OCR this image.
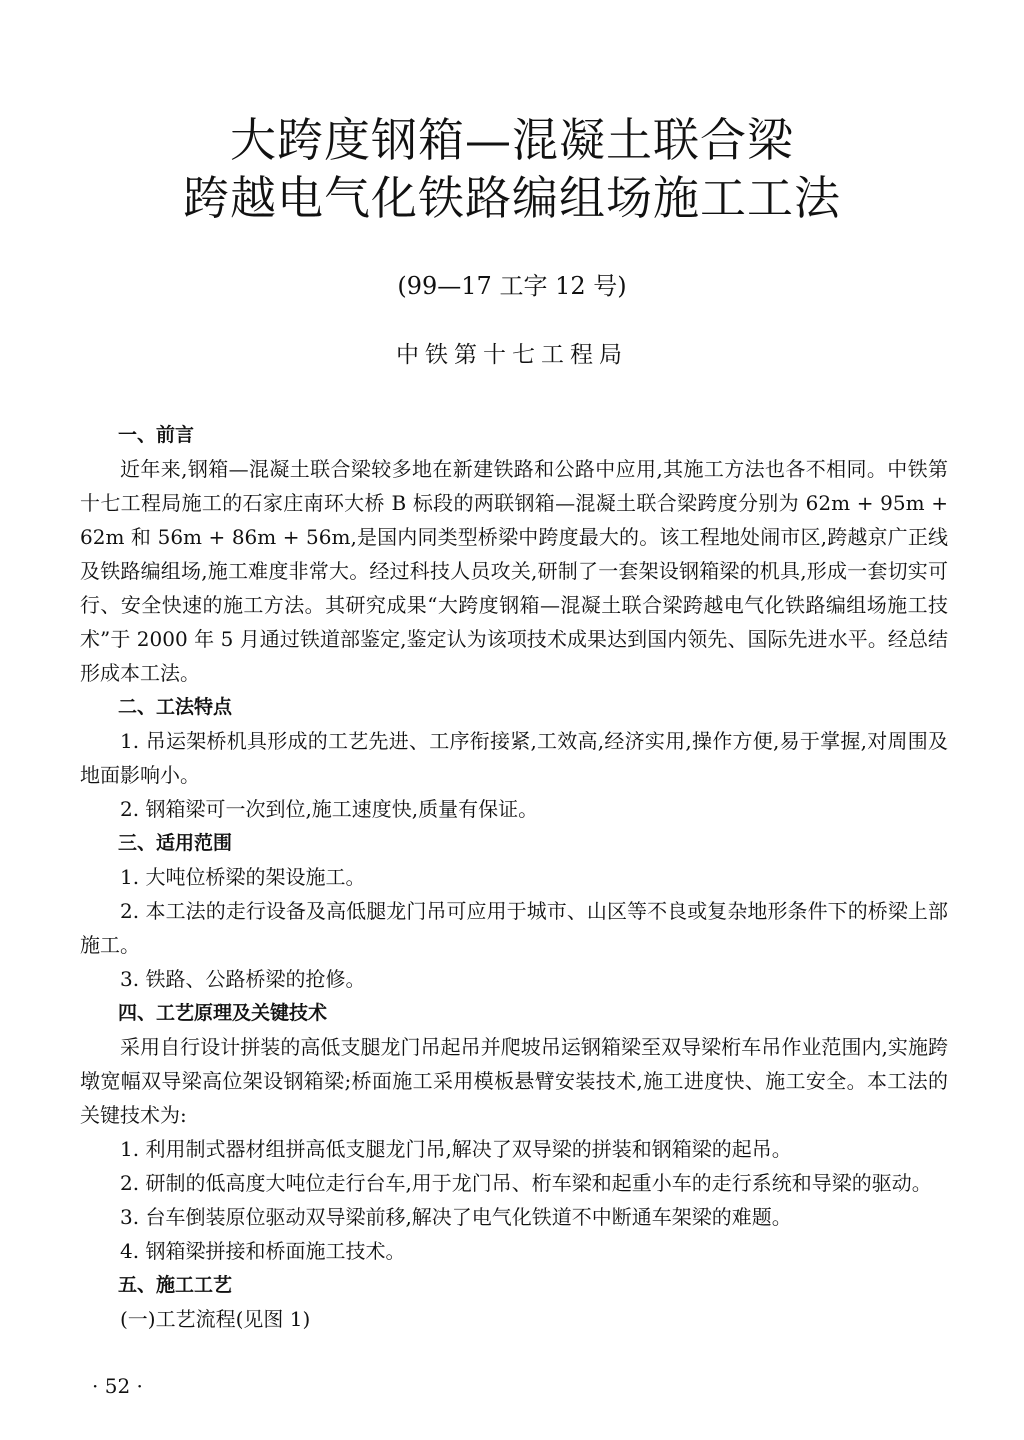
大跨度钢箱—混凝土联合梁
跨越电气化铁路编组场施工工法
(99—17 工字 12 号)
中铁第十七工程局

一、前言

近年来,钢箱—混凝土联合梁较多地在新建铁路和公路中应用,其施工方法也各不相同。中铁第十七工程局施工的石家庄南环大桥 B 标段的两联钢箱—混凝土联合梁跨度分别为 62m + 95m + 62m 和 56m + 86m + 56m,是国内同类型桥梁中跨度最大的。该工程地处闹市区,跨越京广正线及铁路编组场,施工难度非常大。经过科技人员攻关,研制了一套架设钢箱梁的机具,形成一套切实可行、安全快速的施工方法。其研究成果“大跨度钢箱—混凝土联合梁跨越电气化铁路编组场施工技术”于 2000 年 5 月通过铁道部鉴定,鉴定认为该项技术成果达到国内领先、国际先进水平。经总结形成本工法。

二、工法特点

1. 吊运架桥机具形成的工艺先进、工序衔接紧,工效高,经济实用,操作方便,易于掌握,对周围及地面影响小。

2. 钢箱梁可一次到位,施工速度快,质量有保证。

三、适用范围

1. 大吨位桥梁的架设施工。

2. 本工法的走行设备及高低腿龙门吊可应用于城市、山区等不良或复杂地形条件下的桥梁上部施工。

3. 铁路、公路桥梁的抢修。

四、工艺原理及关键技术

采用自行设计拼装的高低支腿龙门吊起吊并爬坡吊运钢箱梁至双导梁桁车吊作业范围内,实施跨墩宽幅双导梁高位架设钢箱梁;桥面施工采用模板悬臂安装技术,施工进度快、施工安全。本工法的关键技术为:

1. 利用制式器材组拼高低支腿龙门吊,解决了双导梁的拼装和钢箱梁的起吊。

2. 研制的低高度大吨位走行台车,用于龙门吊、桁车梁和起重小车的走行系统和导梁的驱动。

3. 台车倒装原位驱动双导梁前移,解决了电气化铁道不中断通车架梁的难题。

4. 钢箱梁拼接和桥面施工技术。

五、施工工艺

(一)工艺流程(见图 1)

· 52 ·
